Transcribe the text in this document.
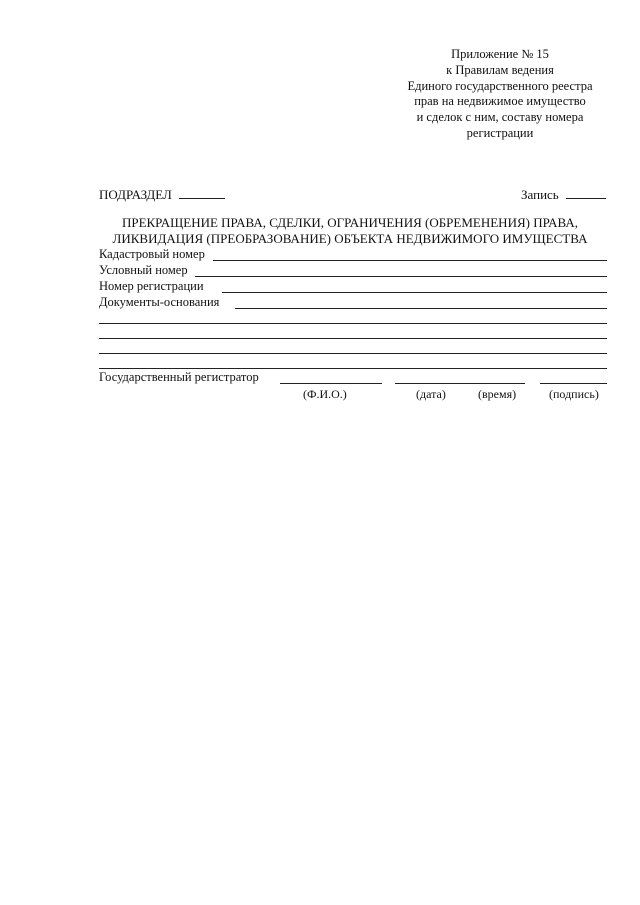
Приложение № 15
к Правилам ведения
Единого государственного реестра
прав на недвижимое имущество
и сделок с ним, составу номера
регистрации
ПОДРАЗДЕЛ	Запись
ПРЕКРАЩЕНИЕ ПРАВА, СДЕЛКИ, ОГРАНИЧЕНИЯ (ОБРЕМЕНЕНИЯ) ПРАВА,
ЛИКВИДАЦИЯ (ПРЕОБРАЗОВАНИЕ) ОБЪЕКТА НЕДВИЖИМОГО ИМУЩЕСТВА
Кадастровый номер
Условный номер
Номер регистрации
Документы-основания
Государственный регистратор
(Ф.И.О.)	(дата)	(время)	(подпись)
